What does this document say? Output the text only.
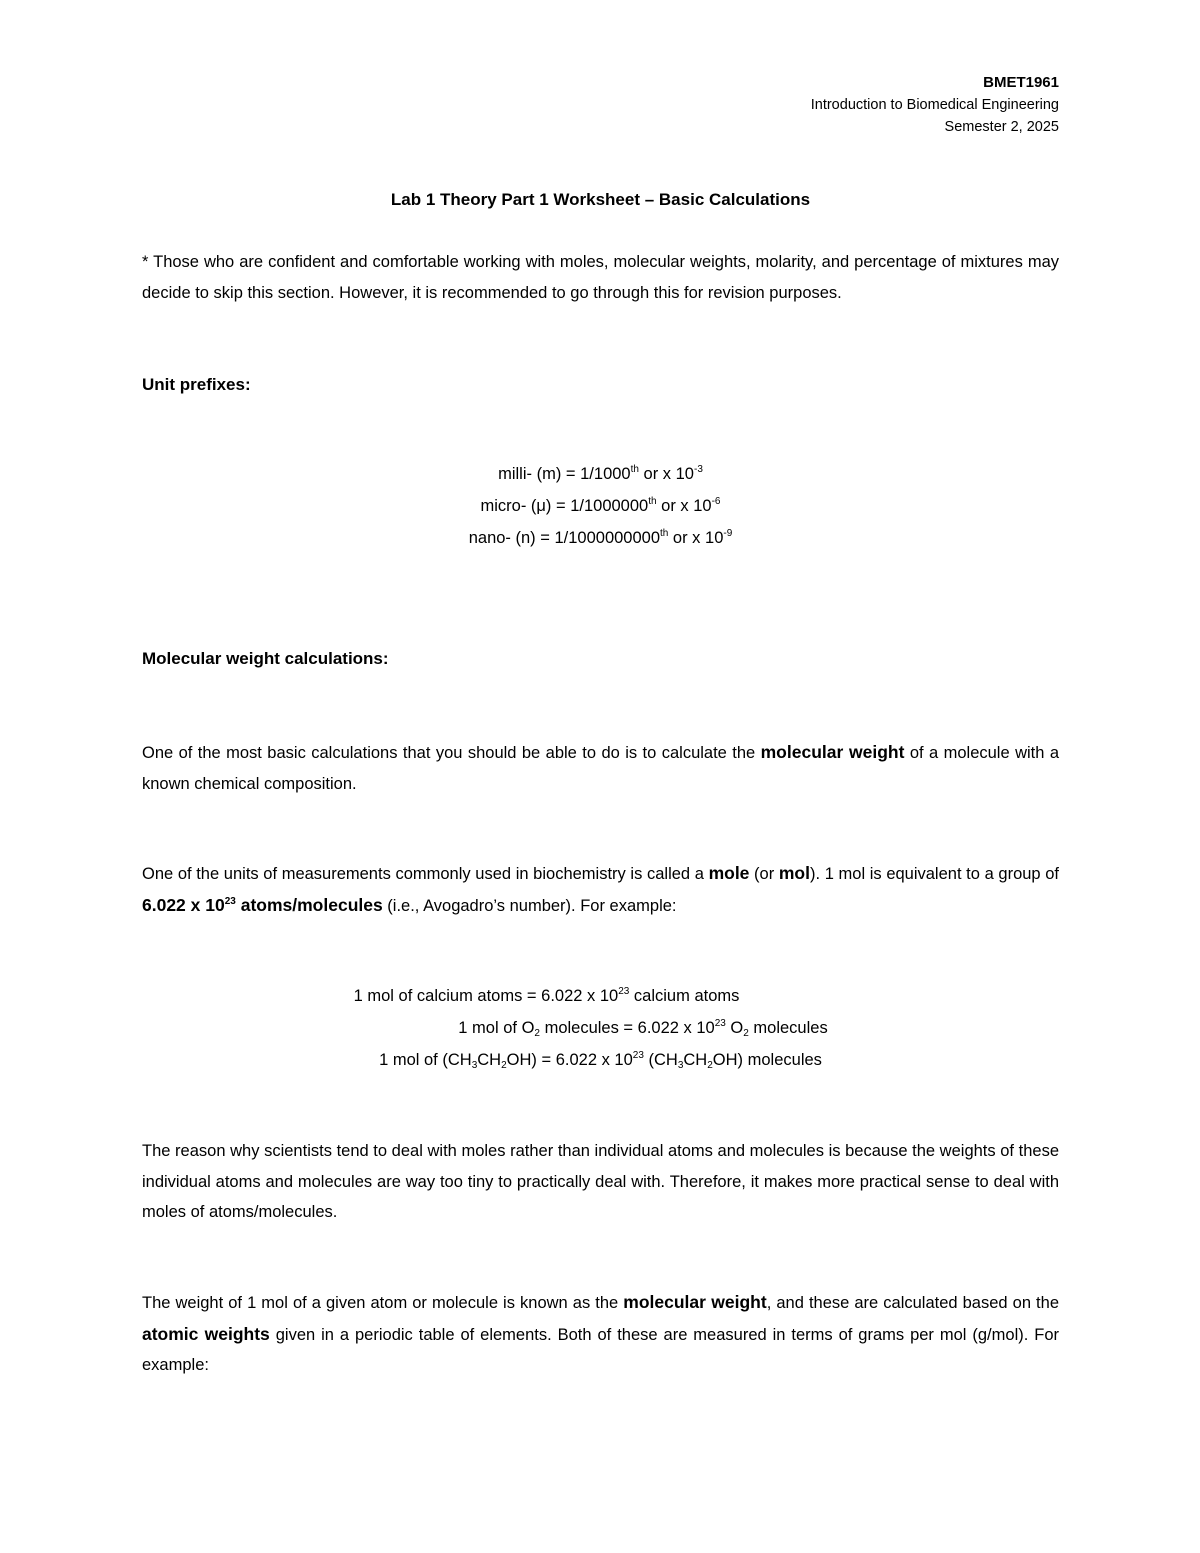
BMET1961
Introduction to Biomedical Engineering
Semester 2, 2025
Lab 1 Theory Part 1 Worksheet – Basic Calculations
* Those who are confident and comfortable working with moles, molecular weights, molarity, and percentage of mixtures may decide to skip this section. However, it is recommended to go through this for revision purposes.
Unit prefixes:
milli- (m) = 1/1000th or x $10^{-3}$
micro- (μ) = 1/1000000th or x $10^{-6}$
nano- (n) = 1/1000000000th or x $10^{-9}$
Molecular weight calculations:
One of the most basic calculations that you should be able to do is to calculate the molecular weight of a molecule with a known chemical composition.
One of the units of measurements commonly used in biochemistry is called a mole (or mol). 1 mol is equivalent to a group of 6.022 x $10^{23}$ atoms/molecules (i.e., Avogadro’s number). For example:
1 mol of calcium atoms = 6.022 x $10^{23}$ calcium atoms
1 mol of $O_2$ molecules = 6.022 x $10^{23}$ $O_2$ molecules
1 mol of $(CH_3CH_2OH) = 6.022$ x $10^{23}$ $(CH_3CH_2OH)$ molecules
The reason why scientists tend to deal with moles rather than individual atoms and molecules is because the weights of these individual atoms and molecules are way too tiny to practically deal with. Therefore, it makes more practical sense to deal with moles of atoms/molecules.
The weight of 1 mol of a given atom or molecule is known as the molecular weight, and these are calculated based on the atomic weights given in a periodic table of elements. Both of these are measured in terms of grams per mol (g/mol). For example:
